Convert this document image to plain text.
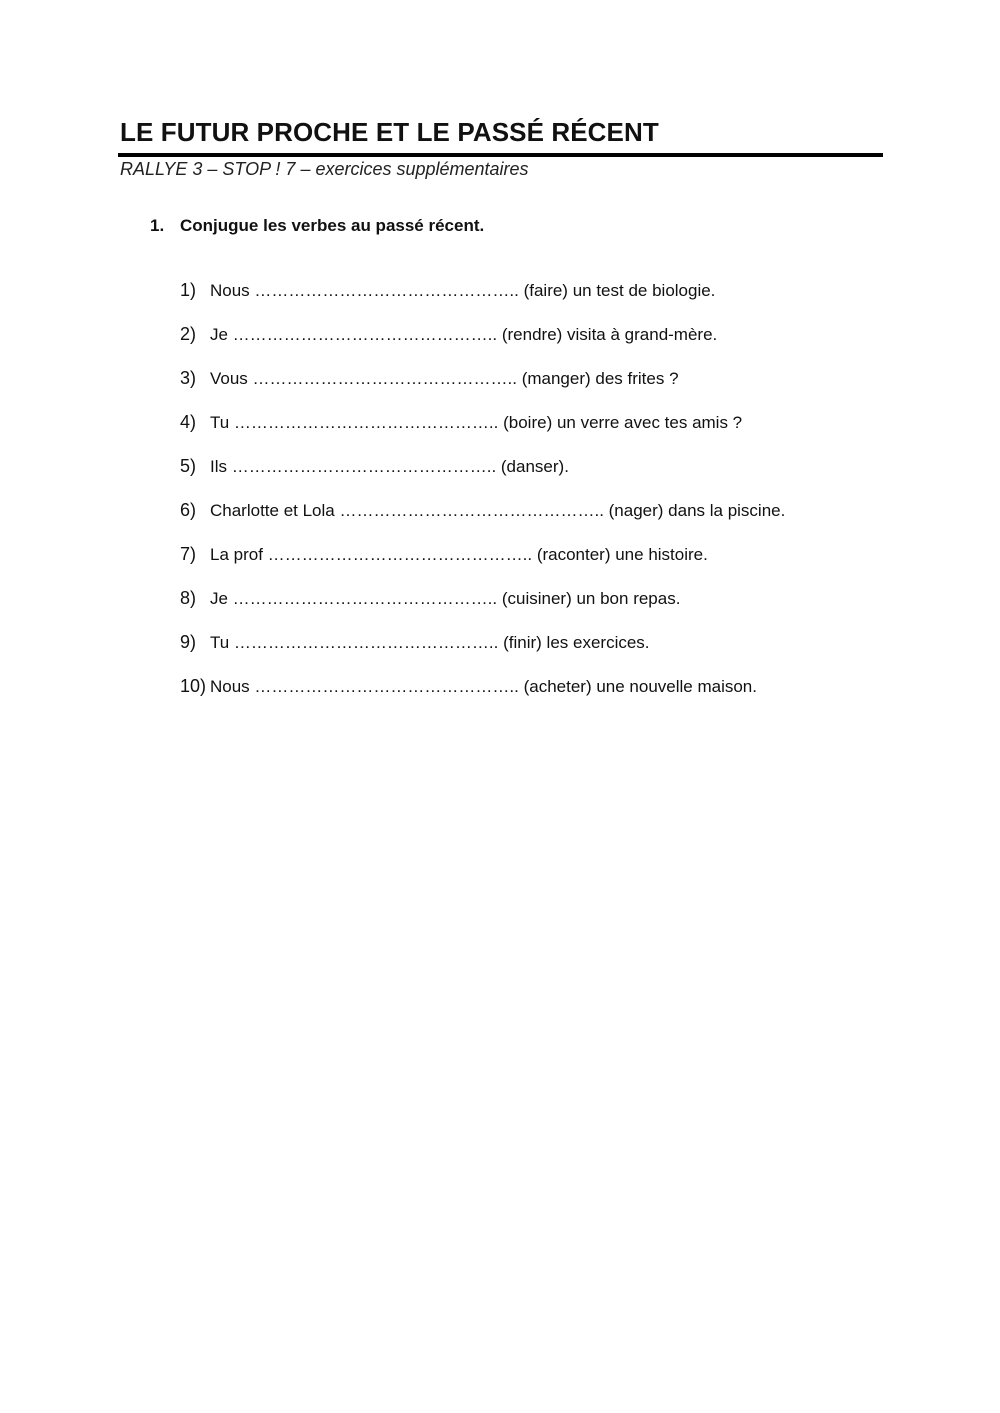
LE FUTUR PROCHE ET LE PASSÉ RÉCENT
RALLYE 3 – STOP ! 7 – exercices supplémentaires
1. Conjugue les verbes au passé récent.
1) Nous ……………………………………….. (faire) un test de biologie.
2) Je ……………………………………….. (rendre) visita à grand-mère.
3) Vous ……………………………………….. (manger) des frites ?
4) Tu ……………………………………….. (boire) un verre avec tes amis ?
5) Ils ……………………………………….. (danser).
6) Charlotte et Lola ……………………………………….. (nager) dans la piscine.
7) La prof ……………………………………….. (raconter) une histoire.
8) Je ……………………………………….. (cuisiner) un bon repas.
9) Tu ……………………………………….. (finir) les exercices.
10) Nous ……………………………………….. (acheter) une nouvelle maison.
